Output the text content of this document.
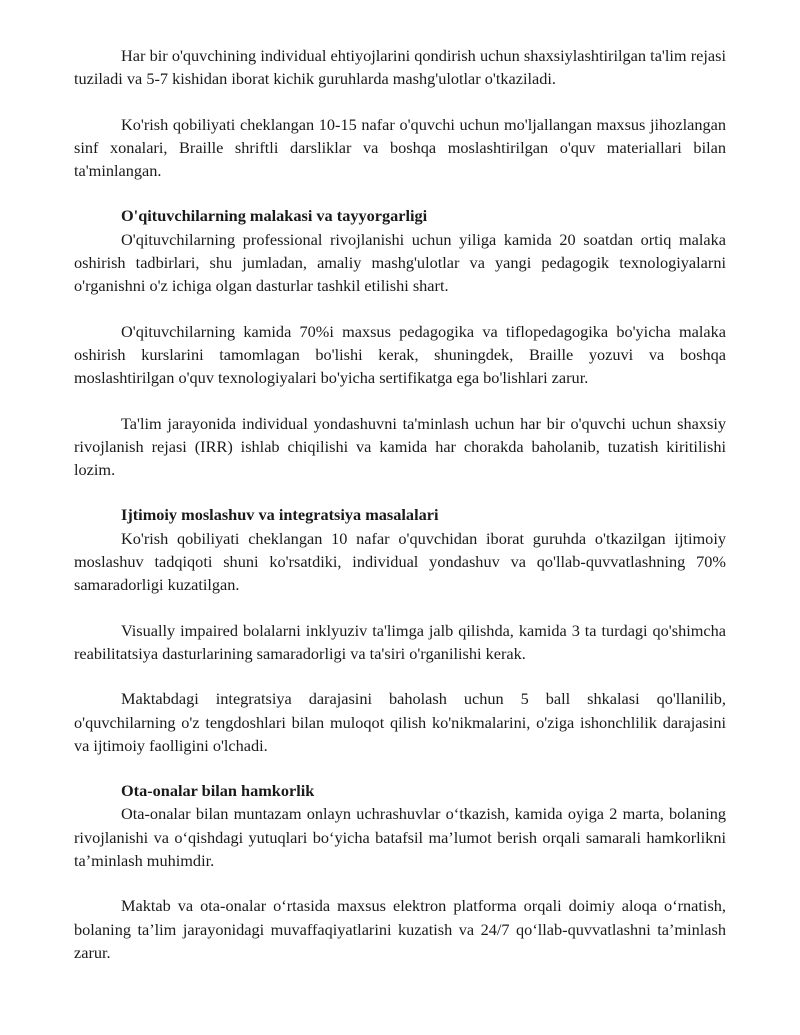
Har bir o'quvchining individual ehtiyojlarini qondirish uchun shaxsiylashtirilgan ta'lim rejasi tuziladi va 5-7 kishidan iborat kichik guruhlarda mashg'ulotlar o'tkaziladi.

Ko'rish qobiliyati cheklangan 10-15 nafar o'quvchi uchun mo'ljallangan maxsus jihozlangan sinf xonalari, Braille shriftli darsliklar va boshqa moslashtirilgan o'quv materiallari bilan ta'minlangan.

O'qituvchilarning malakasi va tayyorgarligi

O'qituvchilarning professional rivojlanishi uchun yiliga kamida 20 soatdan ortiq malaka oshirish tadbirlari, shu jumladan, amaliy mashg'ulotlar va yangi pedagogik texnologiyalarni o'rganishni o'z ichiga olgan dasturlar tashkil etilishi shart.

O'qituvchilarning kamida 70%i maxsus pedagogika va tiflopedagogika bo'yicha malaka oshirish kurslarini tamomlagan bo'lishi kerak, shuningdek, Braille yozuvi va boshqa moslashtirilgan o'quv texnologiyalari bo'yicha sertifikatga ega bo'lishlari zarur.

Ta'lim jarayonida individual yondashuvni ta'minlash uchun har bir o'quvchi uchun shaxsiy rivojlanish rejasi (IRR) ishlab chiqilishi va kamida har chorakda baholanib, tuzatish kiritilishi lozim.

Ijtimoiy moslashuv va integratsiya masalalari

Ko'rish qobiliyati cheklangan 10 nafar o'quvchidan iborat guruhda o'tkazilgan ijtimoiy moslashuv tadqiqoti shuni ko'rsatdiki, individual yondashuv va qo'llab-quvvatlashning 70% samaradorligi kuzatilgan.

Visually impaired bolalarni inklyuziv ta'limga jalb qilishda, kamida 3 ta turdagi qo'shimcha reabilitatsiya dasturlarining samaradorligi va ta'siri o'rganilishi kerak.

Maktabdagi integratsiya darajasini baholash uchun 5 ball shkalasi qo'llanilib, o'quvchilarning o'z tengdoshlari bilan muloqot qilish ko'nikmalarini, o'ziga ishonchlilik darajasini va ijtimoiy faolligini o'lchadi.

Ota-onalar bilan hamkorlik

Ota-onalar bilan muntazam onlayn uchrashuvlar o‘tkazish, kamida oyiga 2 marta, bolaning rivojlanishi va o‘qishdagi yutuqlari bo‘yicha batafsil ma’lumot berish orqali samarali hamkorlikni ta’minlash muhimdir.

Maktab va ota-onalar o‘rtasida maxsus elektron platforma orqali doimiy aloqa o‘rnatish, bolaning ta’lim jarayonidagi muvaffaqiyatlarini kuzatish va 24/7 qo‘llab-quvvatlashni ta’minlash zarur.
